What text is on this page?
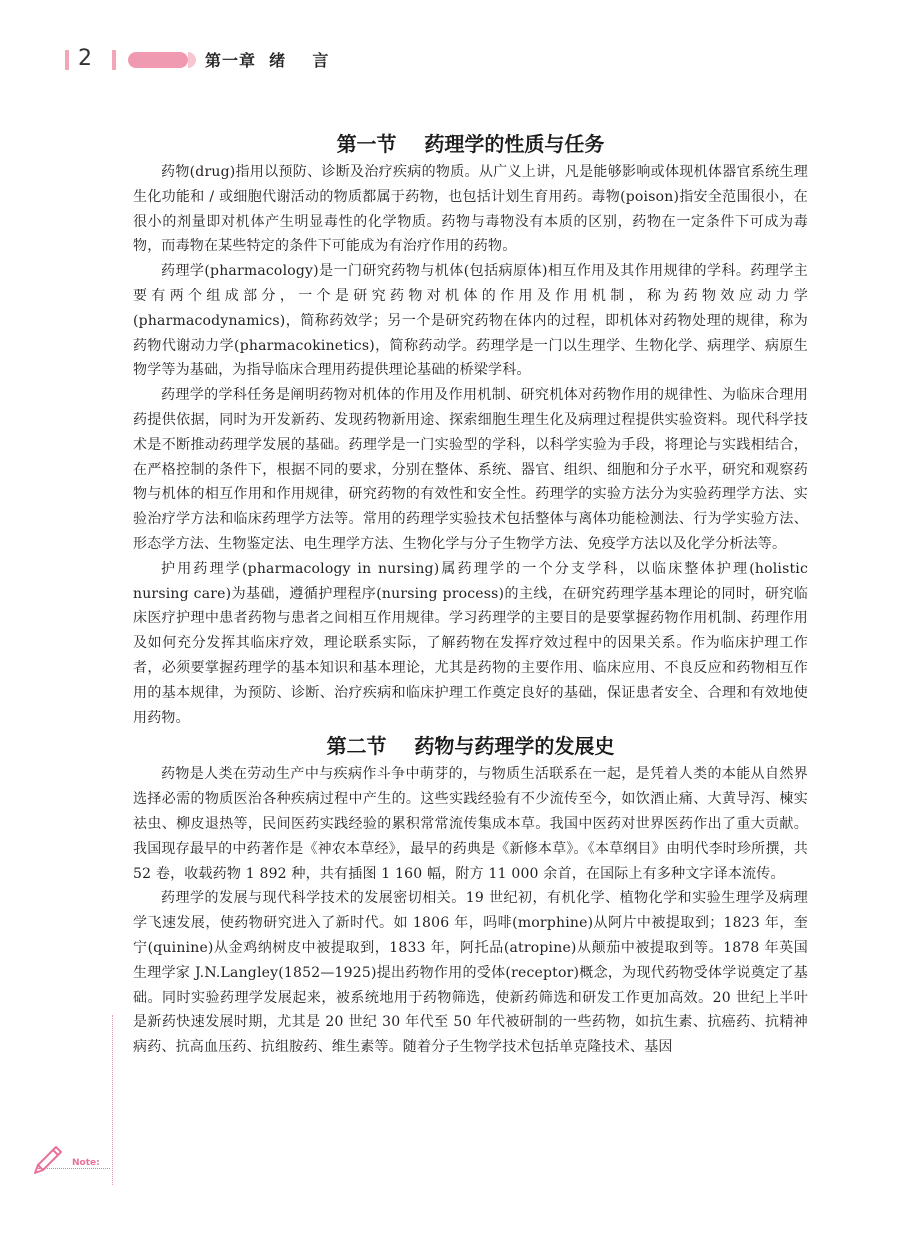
2	第一章  绪    言
第一节    药理学的性质与任务

药物(drug)指用以预防、诊断及治疗疾病的物质。从广义上讲，凡是能够影响或体现机体器官系统生理生化功能和 / 或细胞代谢活动的物质都属于药物，也包括计划生育用药。毒物(poison)指安全范围很小，在很小的剂量即对机体产生明显毒性的化学物质。药物与毒物没有本质的区别，药物在一定条件下可成为毒物，而毒物在某些特定的条件下可能成为有治疗作用的药物。

药理学(pharmacology)是一门研究药物与机体(包括病原体)相互作用及其作用规律的学科。药理学主要有两个组成部分，一个是研究药物对机体的作用及作用机制，称为药物效应动力学(pharmacodynamics)，简称药效学；另一个是研究药物在体内的过程，即机体对药物处理的规律，称为药物代谢动力学(pharmacokinetics)，简称药动学。药理学是一门以生理学、生物化学、病理学、病原生物学等为基础，为指导临床合理用药提供理论基础的桥梁学科。

药理学的学科任务是阐明药物对机体的作用及作用机制、研究机体对药物作用的规律性、为临床合理用药提供依据，同时为开发新药、发现药物新用途、探索细胞生理生化及病理过程提供实验资料。现代科学技术是不断推动药理学发展的基础。药理学是一门实验型的学科，以科学实验为手段，将理论与实践相结合，在严格控制的条件下，根据不同的要求，分别在整体、系统、器官、组织、细胞和分子水平，研究和观察药物与机体的相互作用和作用规律，研究药物的有效性和安全性。药理学的实验方法分为实验药理学方法、实验治疗学方法和临床药理学方法等。常用的药理学实验技术包括整体与离体功能检测法、行为学实验方法、形态学方法、生物鉴定法、电生理学方法、生物化学与分子生物学方法、免疫学方法以及化学分析法等。

护用药理学(pharmacology in nursing)属药理学的一个分支学科，以临床整体护理(holistic nursing care)为基础，遵循护理程序(nursing process)的主线，在研究药理学基本理论的同时，研究临床医疗护理中患者药物与患者之间相互作用规律。学习药理学的主要目的是要掌握药物作用机制、药理作用及如何充分发挥其临床疗效，理论联系实际，了解药物在发挥疗效过程中的因果关系。作为临床护理工作者，必须要掌握药理学的基本知识和基本理论，尤其是药物的主要作用、临床应用、不良反应和药物相互作用的基本规律，为预防、诊断、治疗疾病和临床护理工作奠定良好的基础，保证患者安全、合理和有效地使用药物。

第二节    药物与药理学的发展史

药物是人类在劳动生产中与疾病作斗争中萌芽的，与物质生活联系在一起，是凭着人类的本能从自然界选择必需的物质医治各种疾病过程中产生的。这些实践经验有不少流传至今，如饮酒止痛、大黄导泻、楝实祛虫、柳皮退热等，民间医药实践经验的累积常常流传集成本草。我国中医药对世界医药作出了重大贡献。我国现存最早的中药著作是《神农本草经》，最早的药典是《新修本草》。《本草纲目》由明代李时珍所撰，共 52 卷，收载药物 1 892 种，共有插图 1 160 幅，附方 11 000 余首，在国际上有多种文字译本流传。

药理学的发展与现代科学技术的发展密切相关。19 世纪初，有机化学、植物化学和实验生理学及病理学飞速发展，使药物研究进入了新时代。如 1806 年，吗啡(morphine)从阿片中被提取到；1823 年，奎宁(quinine)从金鸡纳树皮中被提取到，1833 年，阿托品(atropine)从颠茄中被提取到等。1878 年英国生理学家 J.N.Langley(1852—1925)提出药物作用的受体(receptor)概念，为现代药物受体学说奠定了基础。同时实验药理学发展起来，被系统地用于药物筛选，使新药筛选和研发工作更加高效。20 世纪上半叶是新药快速发展时期，尤其是 20 世纪 30 年代至 50 年代被研制的一些药物，如抗生素、抗癌药、抗精神病药、抗高血压药、抗组胺药、维生素等。随着分子生物学技术包括单克隆技术、基因

Note:
